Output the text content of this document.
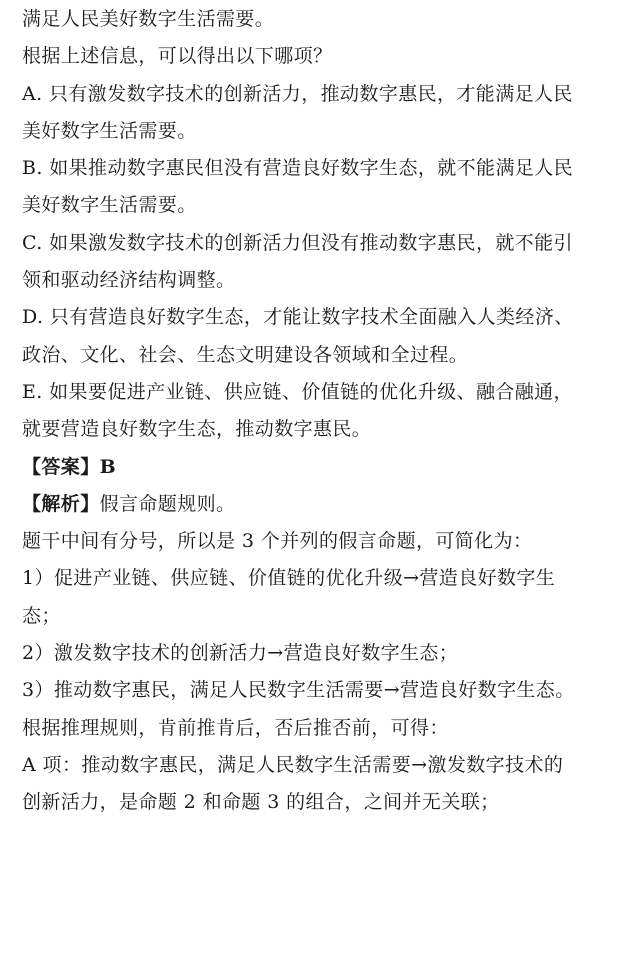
满足人民美好数字生活需要。
根据上述信息，可以得出以下哪项？
A. 只有激发数字技术的创新活力，推动数字惠民，才能满足人民
美好数字生活需要。
B. 如果推动数字惠民但没有营造良好数字生态，就不能满足人民
美好数字生活需要。
C. 如果激发数字技术的创新活力但没有推动数字惠民，就不能引
领和驱动经济结构调整。
D. 只有营造良好数字生态，才能让数字技术全面融入人类经济、
政治、文化、社会、生态文明建设各领域和全过程。
E. 如果要促进产业链、供应链、价值链的优化升级、融合融通，
就要营造良好数字生态，推动数字惠民。
【答案】B
【解析】假言命题规则。
题干中间有分号，所以是 3 个并列的假言命题，可简化为：
1）促进产业链、供应链、价值链的优化升级→营造良好数字生
态；
2）激发数字技术的创新活力→营造良好数字生态；
3）推动数字惠民，满足人民数字生活需要→营造良好数字生态。
根据推理规则，肯前推肯后，否后推否前，可得：
A 项：推动数字惠民，满足人民数字生活需要→激发数字技术的
创新活力，是命题 2 和命题 3 的组合，之间并无关联；
